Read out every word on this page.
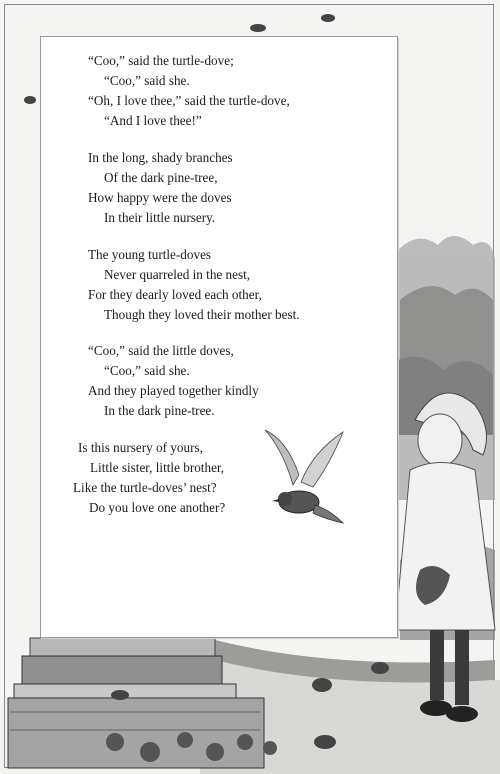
“Coo,” said the turtle-dove;
“Coo,” said she.
“Oh, I love thee,” said the turtle-dove,
“And I love thee!”
In the long, shady branches
Of the dark pine-tree,
How happy were the doves
In their little nursery.
The young turtle-doves
Never quarreled in the nest,
For they dearly loved each other,
Though they loved their mother best.
“Coo,” said the little doves,
“Coo,” said she.
And they played together kindly
In the dark pine-tree.
Is this nursery of yours,
Little sister, little brother,
Like the turtle-doves’ nest?
Do you love one another?
